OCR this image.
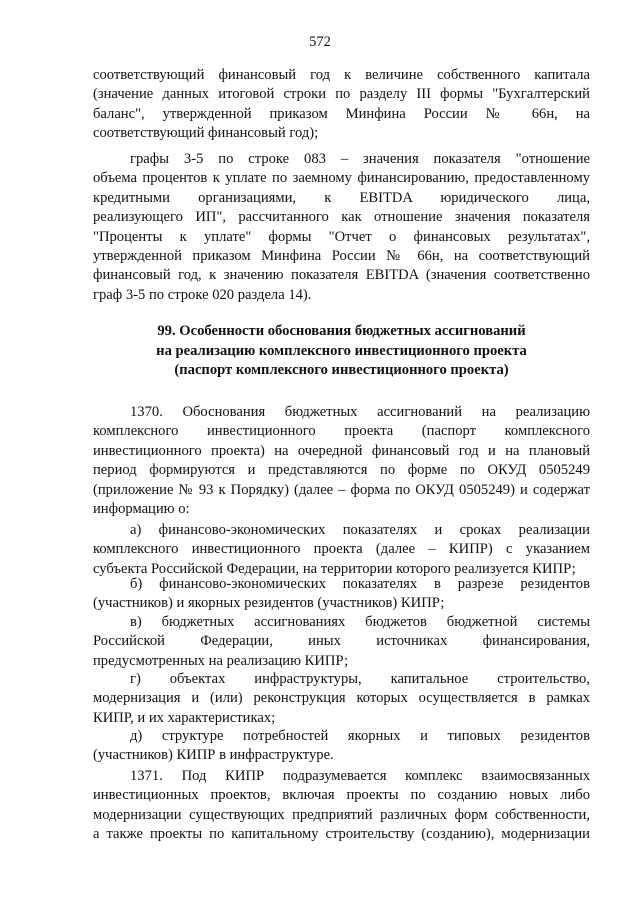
572
соответствующий финансовый год к величине собственного капитала
(значение данных итоговой строки по разделу III формы "Бухгалтерский
баланс", утвержденной приказом Минфина России № 66н, на
соответствующий финансовый год);
графы 3-5 по строке 083 – значения показателя "отношение
объема процентов к уплате по заемному финансированию, предоставленному
кредитными организациями, к EBITDA юридического лица,
реализующего ИП", рассчитанного как отношение значения показателя
"Проценты к уплате" формы "Отчет о финансовых результатах",
утвержденной приказом Минфина России № 66н, на соответствующий
финансовый год, к значению показателя EBITDA (значения соответственно
граф 3-5 по строке 020 раздела 14).
99. Особенности обоснования бюджетных ассигнований
на реализацию комплексного инвестиционного проекта
(паспорт комплексного инвестиционного проекта)
1370. Обоснования бюджетных ассигнований на реализацию
комплексного инвестиционного проекта (паспорт комплексного
инвестиционного проекта) на очередной финансовый год и на плановый
период формируются и представляются по форме по ОКУД 0505249
(приложение № 93 к Порядку) (далее – форма по ОКУД 0505249) и содержат
информацию о:
а) финансово-экономических показателях и сроках реализации
комплексного инвестиционного проекта (далее – КИПР) с указанием
субъекта Российской Федерации, на территории которого реализуется КИПР;
б) финансово-экономических показателях в разрезе резидентов
(участников) и якорных резидентов (участников) КИПР;
в) бюджетных ассигнованиях бюджетов бюджетной системы
Российской Федерации, иных источниках финансирования,
предусмотренных на реализацию КИПР;
г) объектах инфраструктуры, капитальное строительство,
модернизация и (или) реконструкция которых осуществляется в рамках
КИПР, и их характеристиках;
д) структуре потребностей якорных и типовых резидентов
(участников) КИПР в инфраструктуре.
1371. Под КИПР подразумевается комплекс взаимосвязанных
инвестиционных проектов, включая проекты по созданию новых либо
модернизации существующих предприятий различных форм собственности,
а также проекты по капитальному строительству (созданию), модернизации
